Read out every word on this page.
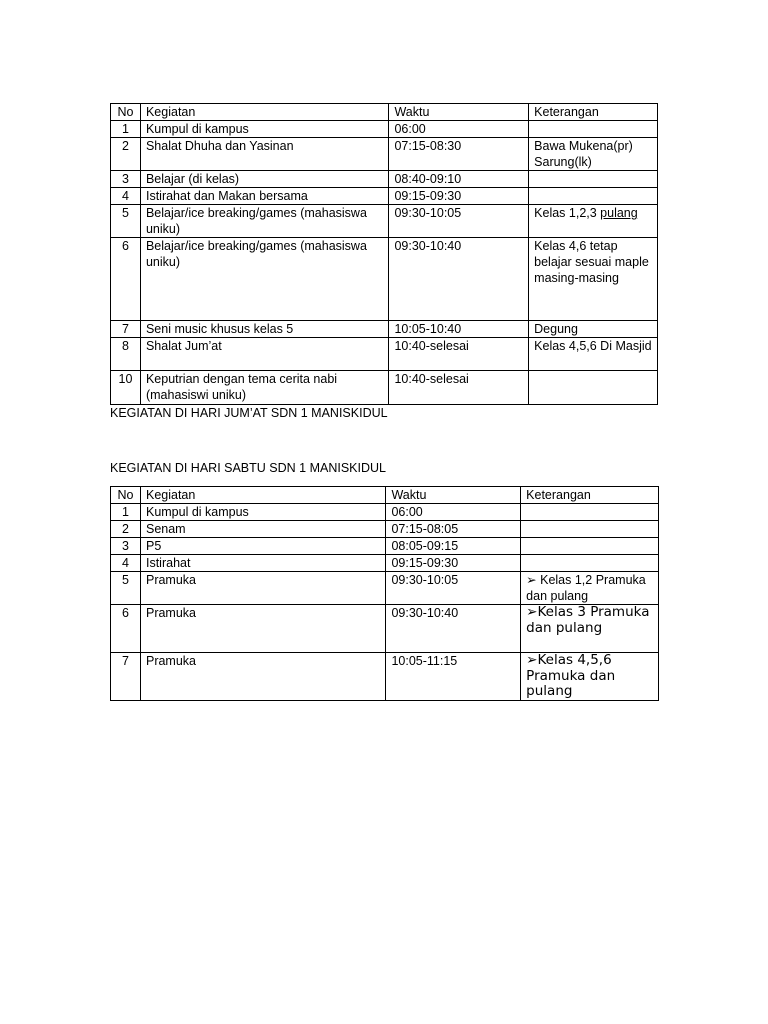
No	Kegiatan	Waktu	Keterangan
1	Kumpul di kampus	06:00	
2	Shalat Dhuha dan Yasinan	07:15-08:30	Bawa Mukena(pr) Sarung(lk)
3	Belajar (di kelas)	08:40-09:10	
4	Istirahat dan Makan bersama	09:15-09:30	
5	Belajar/ice breaking/games (mahasiswa uniku)	09:30-10:05	Kelas 1,2,3 pulang
6	Belajar/ice breaking/games (mahasiswa uniku)	09:30-10:40	Kelas 4,6 tetap belajar sesuai maple masing-masing
7	Seni music khusus kelas 5	10:05-10:40	Degung
8	Shalat Jum’at	10:40-selesai	Kelas 4,5,6 Di Masjid
10	Keputrian dengan tema cerita nabi (mahasiswi uniku)	10:40-selesai	
KEGIATAN DI HARI JUM’AT SDN 1 MANISKIDUL
KEGIATAN DI HARI SABTU SDN 1 MANISKIDUL
No	Kegiatan	Waktu	Keterangan
1	Kumpul di kampus	06:00	
2	Senam	07:15-08:05	
3	P5	08:05-09:15	
4	Istirahat	09:15-09:30	
5	Pramuka	09:30-10:05	➢ Kelas 1,2 Pramuka dan pulang
6	Pramuka	09:30-10:40	➢Kelas 3 Pramuka dan pulang

7	Pramuka	10:05-11:15	➢Kelas 4,5,6 Pramuka dan pulang
